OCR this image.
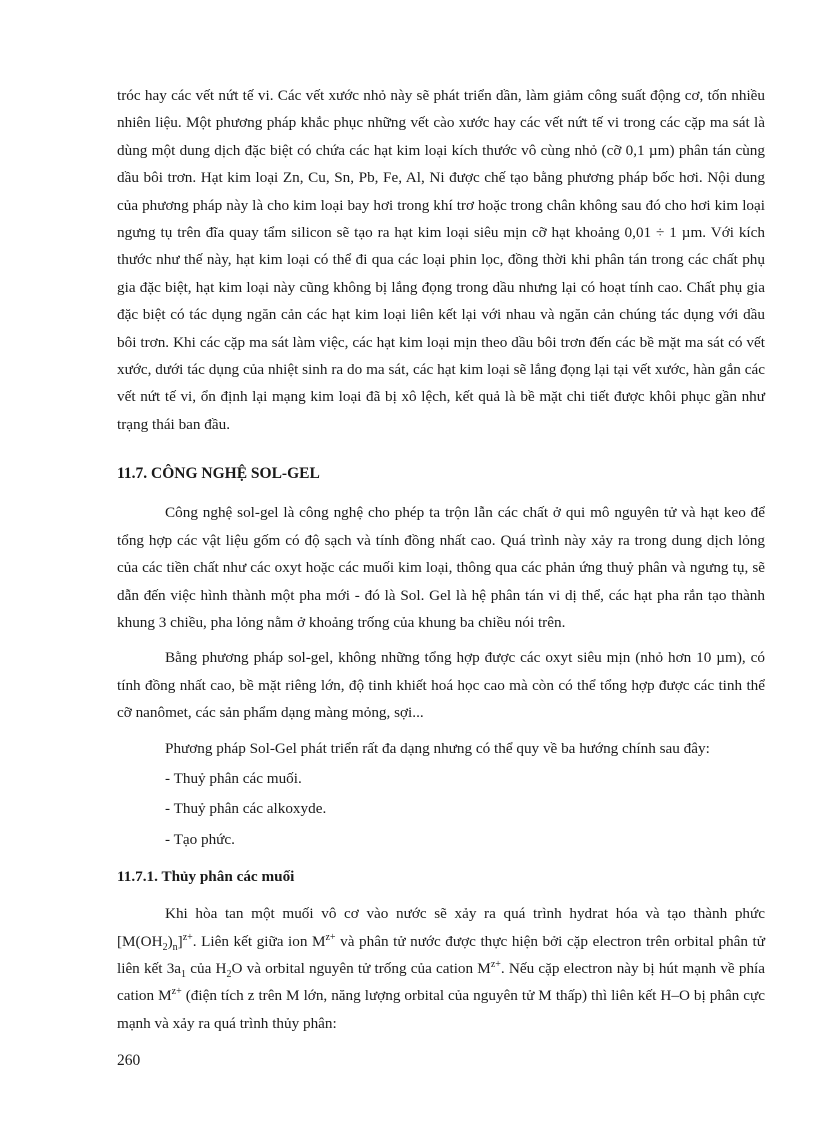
tróc hay các vết nứt tế vi. Các vết xước nhỏ này sẽ phát triển dần, làm giảm công suất động cơ, tốn nhiều nhiên liệu. Một phương pháp khắc phục những vết cào xước hay các vết nứt tế vi trong các cặp ma sát là dùng một dung dịch đặc biệt có chứa các hạt kim loại kích thước vô cùng nhỏ (cỡ 0,1 µm) phân tán cùng dầu bôi trơn. Hạt kim loại Zn, Cu, Sn, Pb, Fe, Al, Ni được chế tạo bằng phương pháp bốc hơi. Nội dung của phương pháp này là cho kim loại bay hơi trong khí trơ hoặc trong chân không sau đó cho hơi kim loại ngưng tụ trên đĩa quay tẩm silicon sẽ tạo ra hạt kim loại siêu mịn cỡ hạt khoảng 0,01 ÷ 1 µm. Với kích thước như thế này, hạt kim loại có thể đi qua các loại phin lọc, đồng thời khi phân tán trong các chất phụ gia đặc biệt, hạt kim loại này cũng không bị lắng đọng trong dầu nhưng lại có hoạt tính cao. Chất phụ gia đặc biệt có tác dụng ngăn cản các hạt kim loại liên kết lại với nhau và ngăn cản chúng tác dụng với dầu bôi trơn. Khi các cặp ma sát làm việc, các hạt kim loại mịn theo dầu bôi trơn đến các bề mặt ma sát có vết xước, dưới tác dụng của nhiệt sinh ra do ma sát, các hạt kim loại sẽ lắng đọng lại tại vết xước, hàn gắn các vết nứt tế vi, ổn định lại mạng kim loại đã bị xô lệch, kết quả là bề mặt chi tiết được khôi phục gần như trạng thái ban đầu.

11.7. CÔNG NGHỆ SOL-GEL

Công nghệ sol-gel là công nghệ cho phép ta trộn lẫn các chất ở qui mô nguyên tử và hạt keo để tổng hợp các vật liệu gốm có độ sạch và tính đồng nhất cao. Quá trình này xảy ra trong dung dịch lỏng của các tiền chất như các oxyt hoặc các muối kim loại, thông qua các phản ứng thuỷ phân và ngưng tụ, sẽ dẫn đến việc hình thành một pha mới - đó là Sol. Gel là hệ phân tán vi dị thể, các hạt pha rắn tạo thành khung 3 chiều, pha lỏng nằm ở khoảng trống của khung ba chiều nói trên.

Bằng phương pháp sol-gel, không những tổng hợp được các oxyt siêu mịn (nhỏ hơn 10 µm), có tính đồng nhất cao, bề mặt riêng lớn, độ tinh khiết hoá học cao mà còn có thể tổng hợp được các tinh thể cỡ nanômet, các sản phẩm dạng màng mỏng, sợi...

Phương pháp Sol-Gel phát triển rất đa dạng nhưng có thể quy về ba hướng chính sau đây:

- Thuỷ phân các muối.

- Thuỷ phân các alkoxyde.

- Tạo phức.

11.7.1. Thủy phân các muối

Khi hòa tan một muối vô cơ vào nước sẽ xảy ra quá trình hydrat hóa và tạo thành phức $[M(OH_2)_n]^{z+}$. Liên kết giữa ion $M^{z+}$ và phân tử nước được thực hiện bởi cặp electron trên orbital phân tử liên kết $3a_1$ của $H_2O$ và orbital nguyên tử trống của cation $M^{z+}$. Nếu cặp electron này bị hút mạnh về phía cation $M^{z+}$ (điện tích z trên M lớn, năng lượng orbital của nguyên tử M thấp) thì liên kết H–O bị phân cực mạnh và xảy ra quá trình thủy phân:

260
